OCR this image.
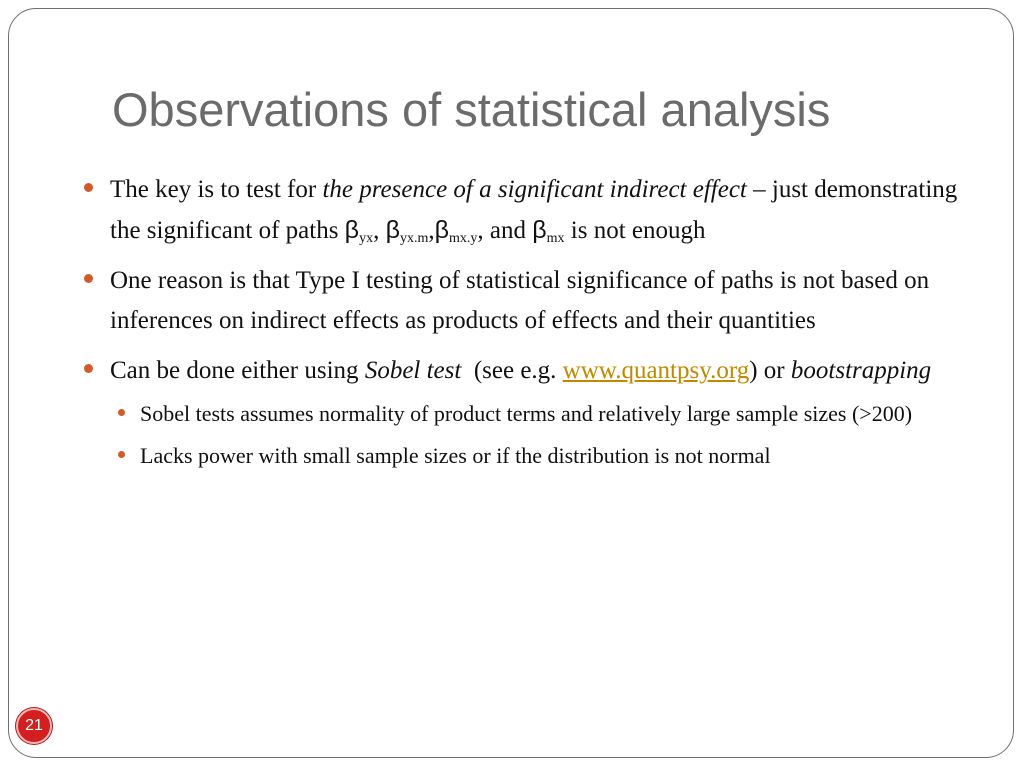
Observations of statistical analysis
The key is to test for the presence of a significant indirect effect – just demonstrating the significant of paths $\beta_{yx}$, $\beta_{yx.m},\beta_{mx.y}$, and $\beta_{mx}$ is not enough
One reason is that Type I testing of statistical significance of paths is not based on inferences on indirect effects as products of effects and their quantities
Can be done either using Sobel test  (see e.g. www.quantpsy.org) or bootstrapping
Sobel tests assumes normality of product terms and relatively large sample sizes (>200)
Lacks power with small sample sizes or if the distribution is not normal
21
